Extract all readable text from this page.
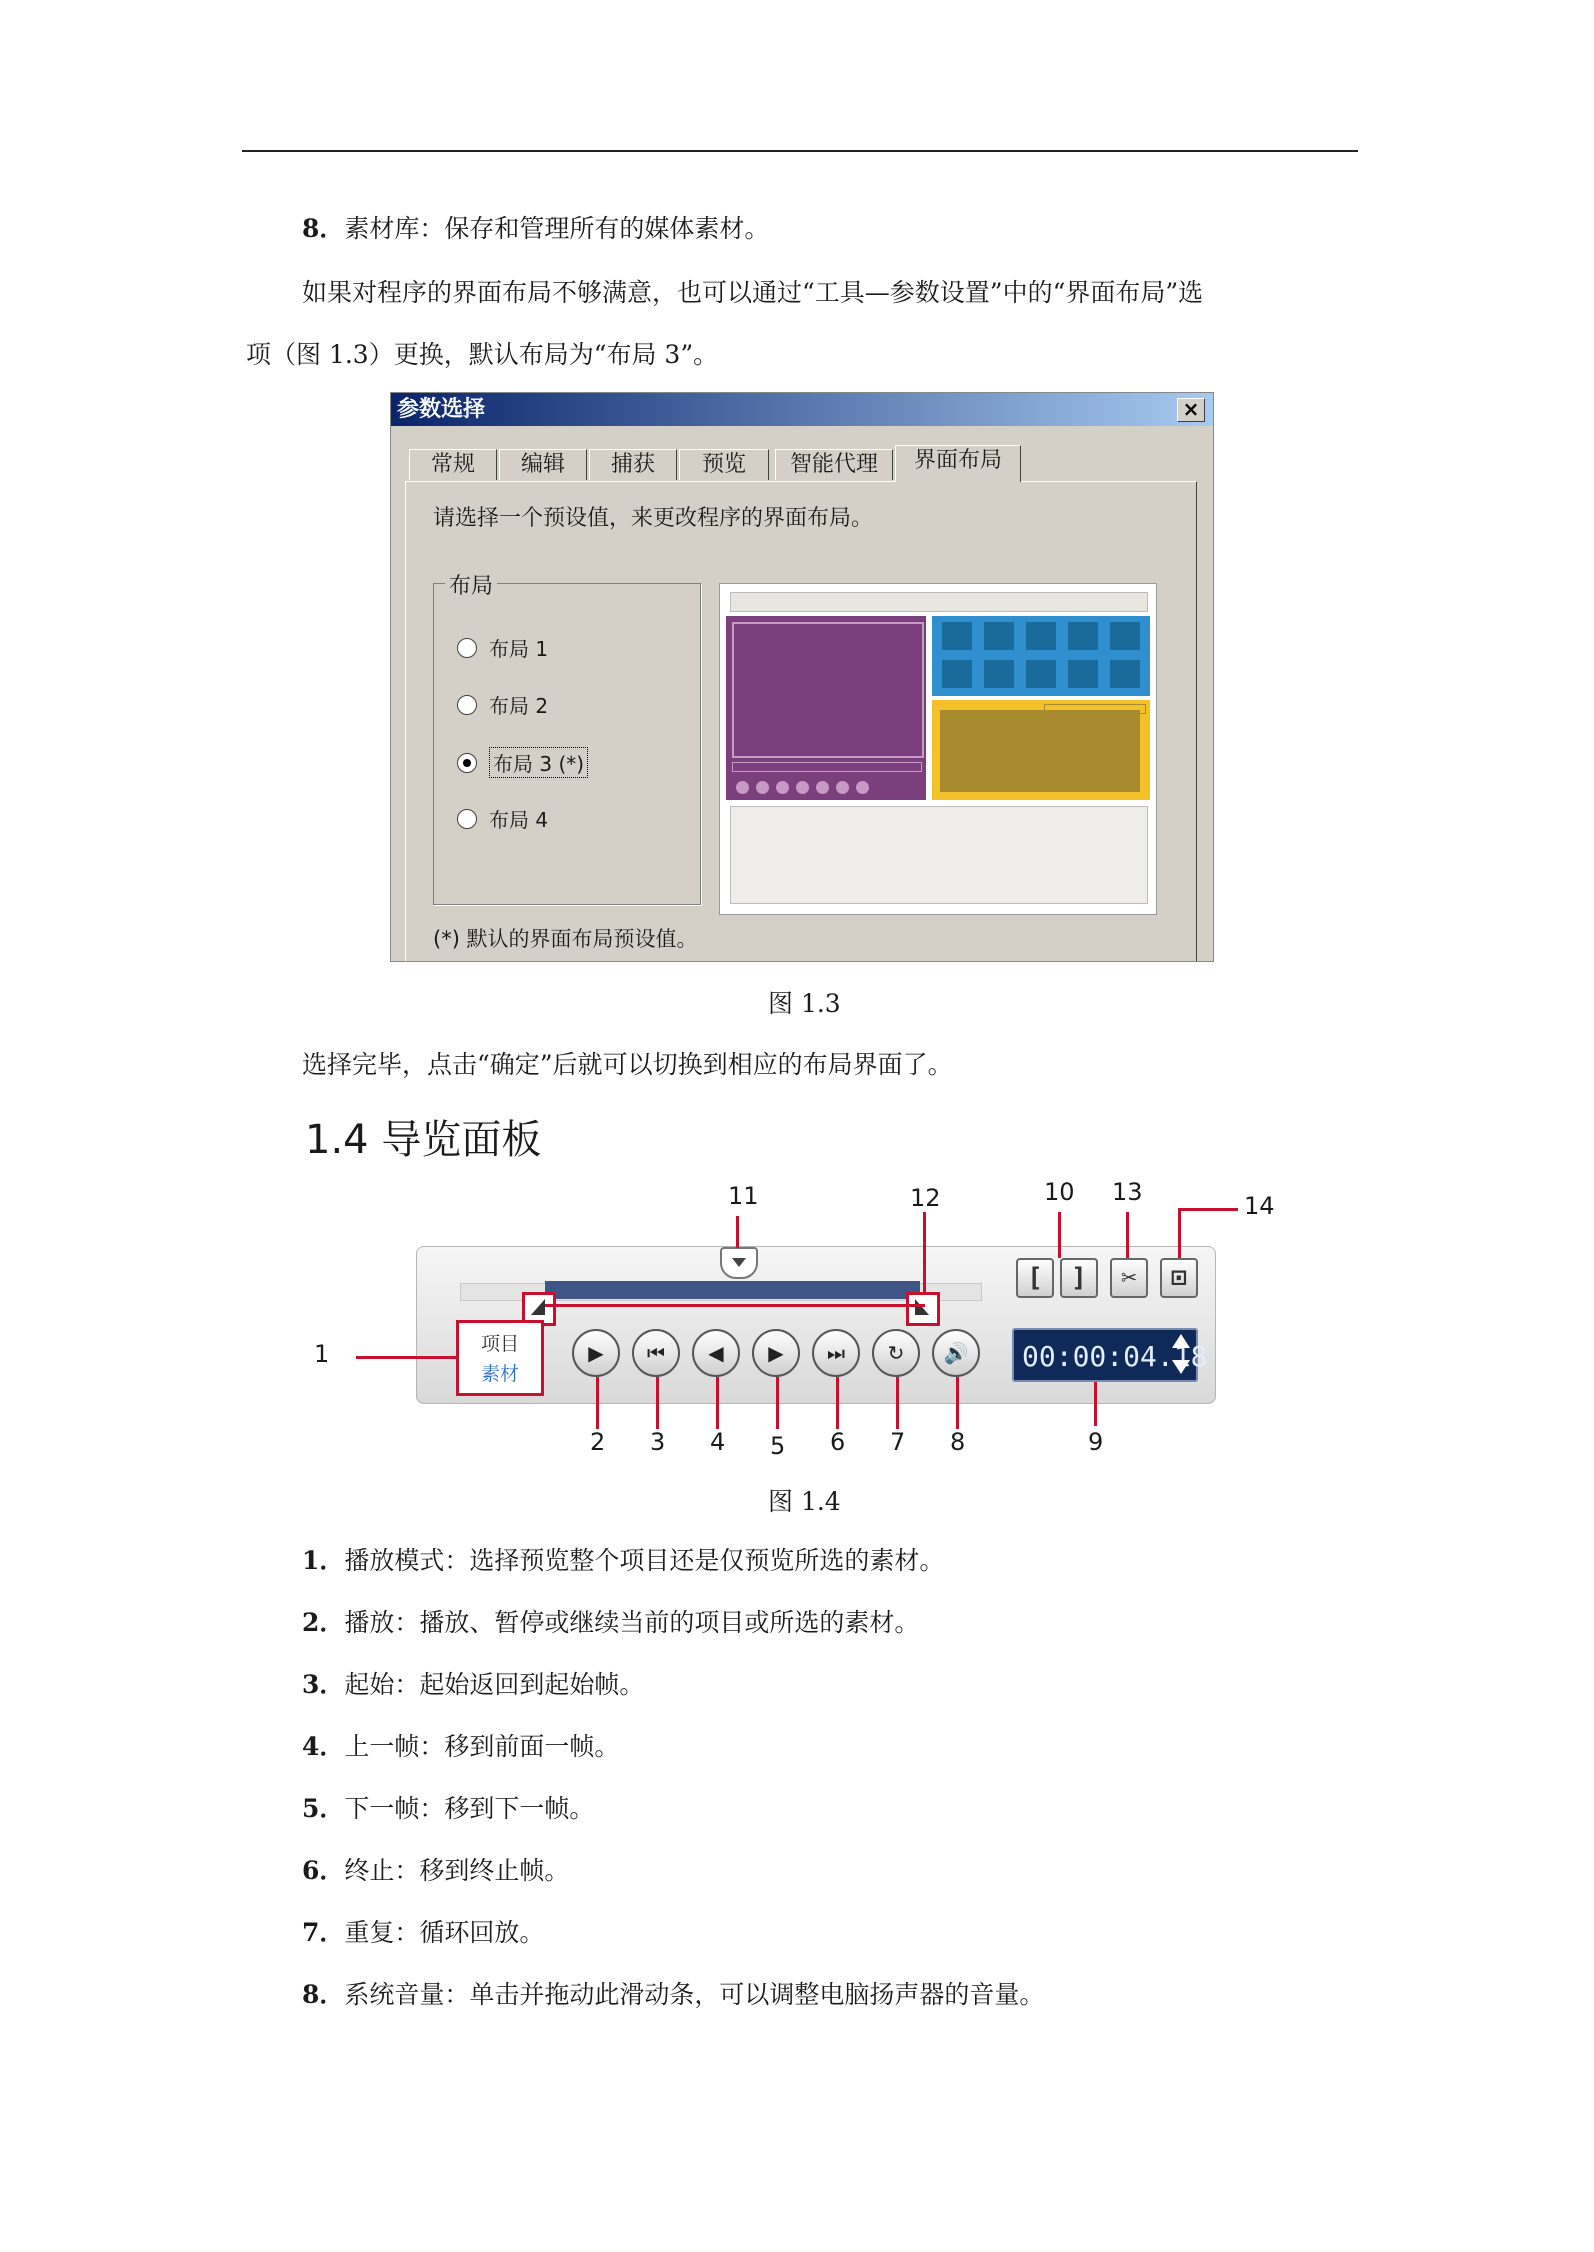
8．素材库：保存和管理所有的媒体素材。
如果对程序的界面布局不够满意，也可以通过“工具—参数设置”中的“界面布局”选
项（图 1.3）更换，默认布局为“布局 3”。
参数选择	×
常规	编辑	捕获	预览	智能代理	界面布局
请选择一个预设值，来更改程序的界面布局。
布局
布局 1
布局 2
布局 3 (*)
布局 4
(*) 默认的界面布局预设值。
图 1.3
选择完毕，点击“确定”后就可以切换到相应的布局界面了。
1.4 导览面板
项目
素材
▶ ⏮ ◀ ▶ ⏭ ↻ 🔊
[ ] ✂ ⊡
00:00:04.18
1
2 3 4 5 6 7 8	9
10
11	12	13	14
图 1.4
1．播放模式：选择预览整个项目还是仅预览所选的素材。
2．播放：播放、暂停或继续当前的项目或所选的素材。
3．起始：起始返回到起始帧。
4．上一帧：移到前面一帧。
5．下一帧：移到下一帧。
6．终止：移到终止帧。
7．重复：循环回放。
8．系统音量：单击并拖动此滑动条，可以调整电脑扬声器的音量。
